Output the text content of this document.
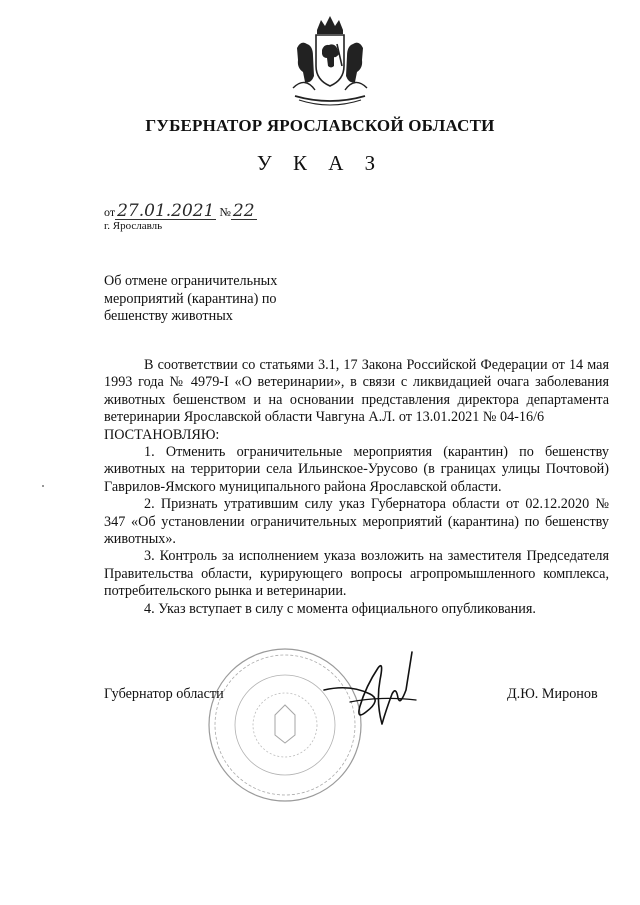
ГУБЕРНАТОР ЯРОСЛАВСКОЙ ОБЛАСТИ
У К А З
от 27.01.2021 № 22
г. Ярославль
Об отмене ограничительных
мероприятий (карантина) по
бешенству животных

В соответствии со статьями 3.1, 17 Закона Российской Федерации от 14 мая 1993 года № 4979-I «О ветеринарии», в связи с ликвидацией очага заболевания животных бешенством и на основании представления директора департамента ветеринарии Ярославской области Чавгуна А.Л. от 13.01.2021 № 04-16/6

ПОСТАНОВЛЯЮ:

1. Отменить ограничительные мероприятия (карантин) по бешенству животных на территории села Ильинское-Урусово (в границах улицы Почтовой) Гаврилов-Ямского муниципального района Ярославской области.

2. Признать утратившим силу указ Губернатора области от 02.12.2020 № 347 «Об установлении ограничительных мероприятий (карантина) по бешенству животных».

3. Контроль за исполнением указа возложить на заместителя Председателя Правительства области, курирующего вопросы агропромышленного комплекса, потребительского рынка и ветеринарии.

4. Указ вступает в силу с момента официального опубликования.

Губернатор области	Д.Ю. Миронов
